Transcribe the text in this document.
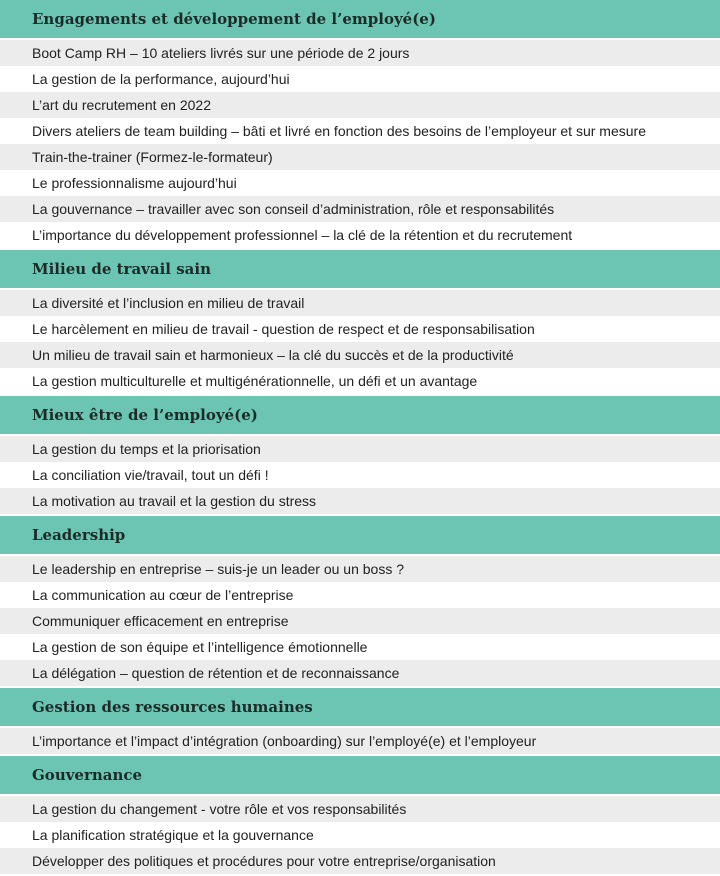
Engagements et développement de l’employé(e)
Boot Camp RH – 10 ateliers livrés sur une période de 2 jours
La gestion de la performance, aujourd’hui
L’art du recrutement en 2022
Divers ateliers de team building – bâti et livré en fonction des besoins de l’employeur et sur mesure
Train-the-trainer (Formez-le-formateur)
Le professionnalisme aujourd’hui
La gouvernance – travailler avec son conseil d’administration, rôle et responsabilités
L’importance du développement professionnel – la clé de la rétention et du recrutement
Milieu de travail sain
La diversité et l’inclusion en milieu de travail
Le harcèlement en milieu de travail - question de respect et de responsabilisation
Un milieu de travail sain et harmonieux – la clé du succès et de la productivité
La gestion multiculturelle et multigénérationnelle, un défi et un avantage
Mieux être de l’employé(e)
La gestion du temps et la priorisation
La conciliation vie/travail, tout un défi !
La motivation au travail et la gestion du stress
Leadership
Le leadership en entreprise – suis-je un leader ou un boss ?
La communication au cœur de l’entreprise
Communiquer efficacement en entreprise
La gestion de son équipe et l’intelligence émotionnelle
La délégation – question de rétention et de reconnaissance
Gestion des ressources humaines
L’importance et l’impact d’intégration (onboarding) sur l’employé(e) et l’employeur
Gouvernance
La gestion du changement - votre rôle et vos responsabilités
La planification stratégique et la gouvernance
Développer des politiques et procédures pour votre entreprise/organisation
